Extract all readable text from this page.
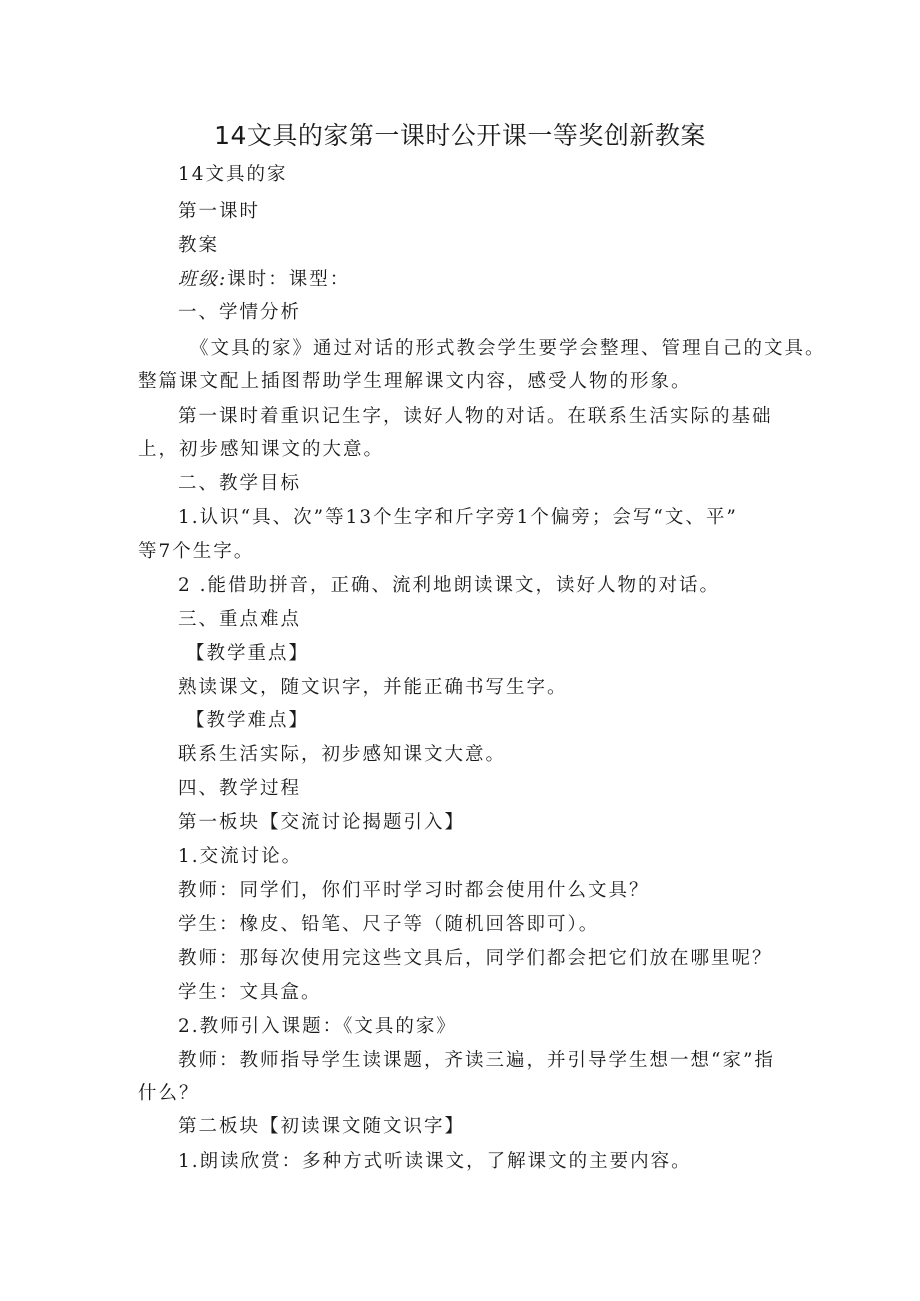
14文具的家第一课时公开课一等奖创新教案

14文具的家

第一课时

教案

班级:课时：课型：

一、学情分析

《文具的家》通过对话的形式教会学生要学会整理、管理自己的文具。

整篇课文配上插图帮助学生理解课文内容，感受人物的形象。

第一课时着重识记生字，读好人物的对话。在联系生活实际的基础

上，初步感知课文的大意。

二、教学目标

1.认识“具、次”等13个生字和斤字旁1个偏旁；会写“文、平”

等7个生字。

2 .能借助拼音，正确、流利地朗读课文，读好人物的对话。

三、重点难点

【教学重点】

熟读课文，随文识字，并能正确书写生字。

【教学难点】

联系生活实际，初步感知课文大意。

四、教学过程

第一板块【交流讨论揭题引入】

1.交流讨论。

教师：同学们，你们平时学习时都会使用什么文具？

学生：橡皮、铅笔、尺子等（随机回答即可）。

教师：那每次使用完这些文具后，同学们都会把它们放在哪里呢？

学生：文具盒。

2.教师引入课题：《文具的家》

教师：教师指导学生读课题，齐读三遍，并引导学生想一想“家”指

什么？

第二板块【初读课文随文识字】

1.朗读欣赏：多种方式听读课文，了解课文的主要内容。
